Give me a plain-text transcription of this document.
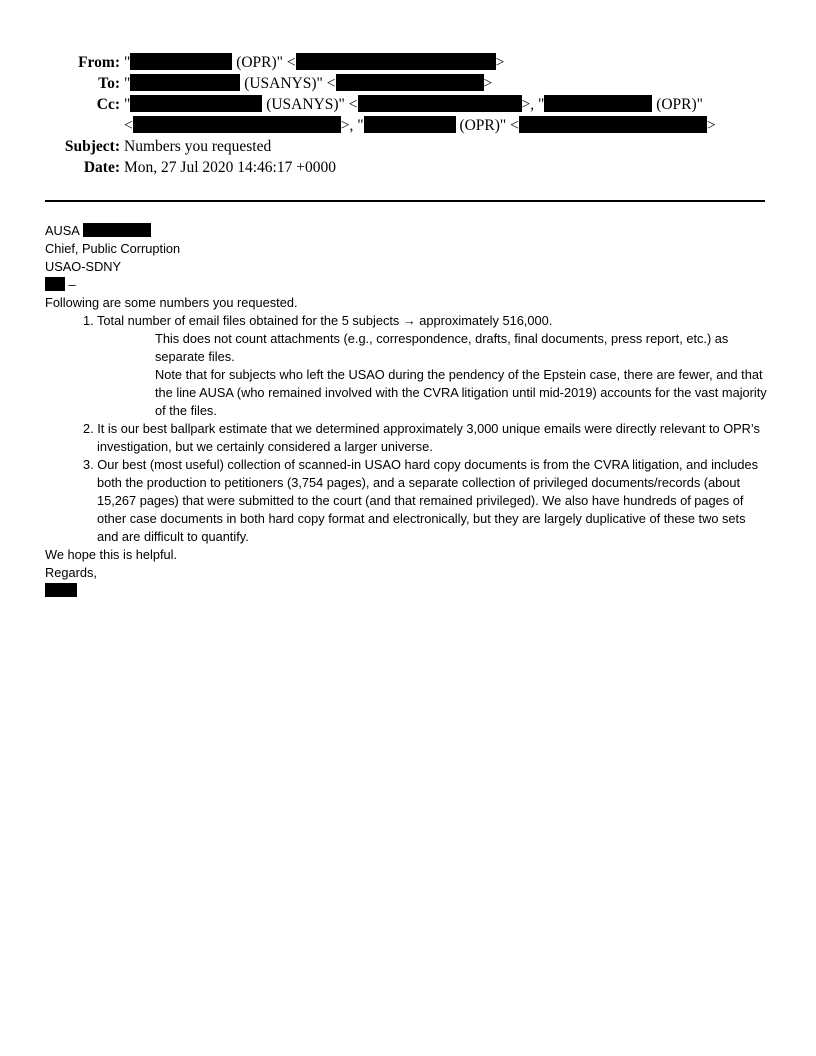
From: "	(OPR)" <	>
To: "	(USANYS)" <	>
Cc: "	(USANYS)" <	>, "	(OPR)"
<	>, "	(OPR)" <	>
Subject: Numbers you requested
Date: Mon, 27 Jul 2020 14:46:17 +0000
AUSA
Chief, Public Corruption
USAO-SDNY
–
Following are some numbers you requested.
1. Total number of email files obtained for the 5 subjects → approximately 516,000.
This does not count attachments (e.g., correspondence, drafts, final documents, press report, etc.) as separate files.
Note that for subjects who left the USAO during the pendency of the Epstein case, there are fewer, and that the line AUSA (who remained involved with the CVRA litigation until mid-2019) accounts for the vast majority of the files.
2. It is our best ballpark estimate that we determined approximately 3,000 unique emails were directly relevant to OPR’s investigation, but we certainly considered a larger universe.
3. Our best (most useful) collection of scanned-in USAO hard copy documents is from the CVRA litigation, and includes both the production to petitioners (3,754 pages), and a separate collection of privileged documents/records (about 15,267 pages) that were submitted to the court (and that remained privileged). We also have hundreds of pages of other case documents in both hard copy format and electronically, but they are largely duplicative of these two sets and are difficult to quantify.
We hope this is helpful.
Regards,
